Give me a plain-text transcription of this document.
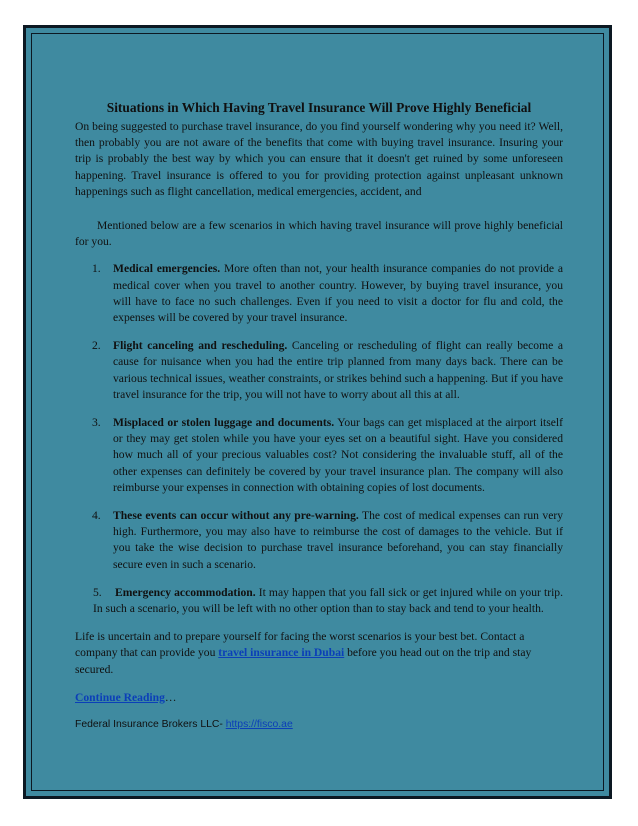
Situations in Which Having Travel Insurance Will Prove Highly Beneficial

On being suggested to purchase travel insurance, do you find yourself wondering why you need it? Well, then probably you are not aware of the benefits that come with buying travel insurance. Insuring your trip is probably the best way by which you can ensure that it doesn't get ruined by some unforeseen happening. Travel insurance is offered to you for providing protection against unpleasant unknown happenings such as flight cancellation, medical emergencies, accident, and

Mentioned below are a few scenarios in which having travel insurance will prove highly beneficial for you.

1. Medical emergencies. More often than not, your health insurance companies do not provide a medical cover when you travel to another country. However, by buying travel insurance, you will have to face no such challenges. Even if you need to visit a doctor for flu and cold, the expenses will be covered by your travel insurance.
2. Flight canceling and rescheduling. Canceling or rescheduling of flight can really become a cause for nuisance when you had the entire trip planned from many days back. There can be various technical issues, weather constraints, or strikes behind such a happening. But if you have travel insurance for the trip, you will not have to worry about all this at all.
3. Misplaced or stolen luggage and documents. Your bags can get misplaced at the airport itself or they may get stolen while you have your eyes set on a beautiful sight. Have you considered how much all of your precious valuables cost? Not considering the invaluable stuff, all of the other expenses can definitely be covered by your travel insurance plan. The company will also reimburse your expenses in connection with obtaining copies of lost documents.
4. These events can occur without any pre-warning. The cost of medical expenses can run very high. Furthermore, you may also have to reimburse the cost of damages to the vehicle. But if you take the wise decision to purchase travel insurance beforehand, you can stay financially secure even in such a scenario.
5. Emergency accommodation. It may happen that you fall sick or get injured while on your trip. In such a scenario, you will be left with no other option than to stay back and tend to your health.

Life is uncertain and to prepare yourself for facing the worst scenarios is your best bet. Contact a company that can provide you travel insurance in Dubai before you head out on the trip and stay secured.

Continue Reading…

Federal Insurance Brokers LLC- https://fisco.ae
